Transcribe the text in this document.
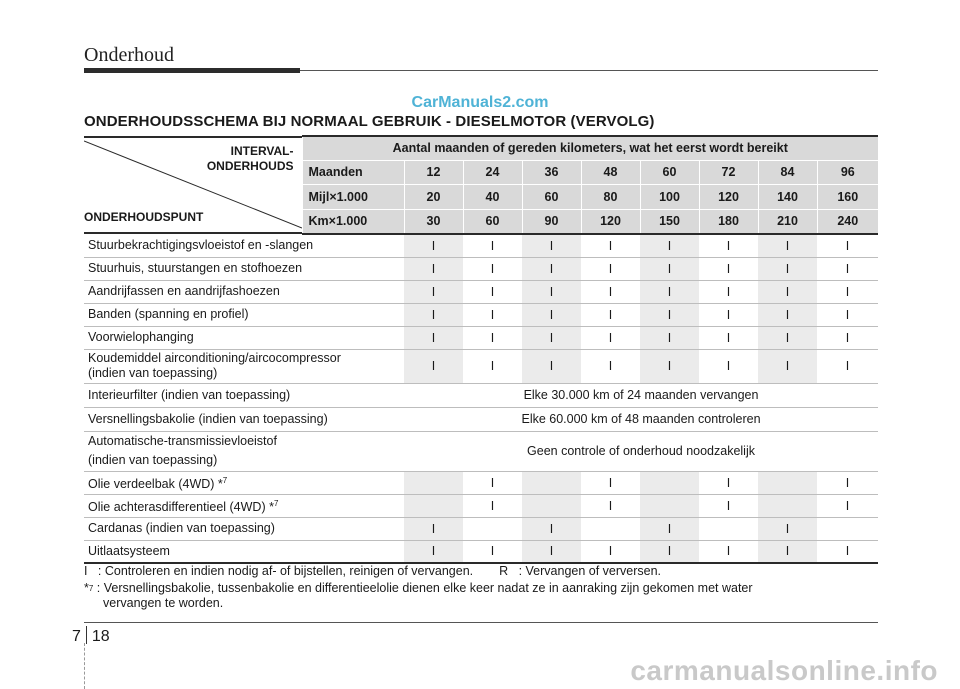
Onderhoud
CarManuals2.com
ONDERHOUDSSCHEMA BIJ NORMAAL GEBRUIK - DIESELMOTOR (VERVOLG)
INTERVAL-
ONDERHOUDS
ONDERHOUDSPUNT	Aantal maanden of gereden kilometers, wat het eerst wordt bereikt								
	Maanden	12	24	36	48	60	72	84	96
	Mijl×1.000	20	40	60	80	100	120	140	160
	Km×1.000	30	60	90	120	150	180	210	240
Stuurbekrachtigingsvloeistof en -slangen		I	I	I	I	I	I	I	I
Stuurhuis, stuurstangen en stofhoezen		I	I	I	I	I	I	I	I
Aandrijfassen en aandrijfashoezen		I	I	I	I	I	I	I	I
Banden (spanning en profiel)		I	I	I	I	I	I	I	I
Voorwielophanging		I	I	I	I	I	I	I	I
Koudemiddel airconditioning/aircocompressor
(indien van toepassing)		I	I	I	I	I	I	I	I
Interieurfilter (indien van toepassing)		Elke 30.000 km of 24 maanden vervangen							
Versnellingsbakolie (indien van toepassing)		Elke 60.000 km of 48 maanden controleren							
Automatische-transmissievloeistof
(indien van toepassing)		Geen controle of onderhoud noodzakelijk							
Olie verdeelbak (4WD) *$^7$			I		I		I		I
Olie achterasdifferentieel (4WD) *$^7$			I		I		I		I
Cardanas (indien van toepassing)		I		I		I		I	
Uitlaatsysteem		I	I	I	I	I	I	I	I
I   : Controleren en indien nodig af- of bijstellen, reinigen of vervangen. R   : Vervangen of verversen.
* 7 : Versnellingsbakolie, tussenbakolie en differentieelolie dienen elke keer nadat ze in aanraking zijn gekomen met water
vervangen te worden.
7 18
carmanualsonline.info
